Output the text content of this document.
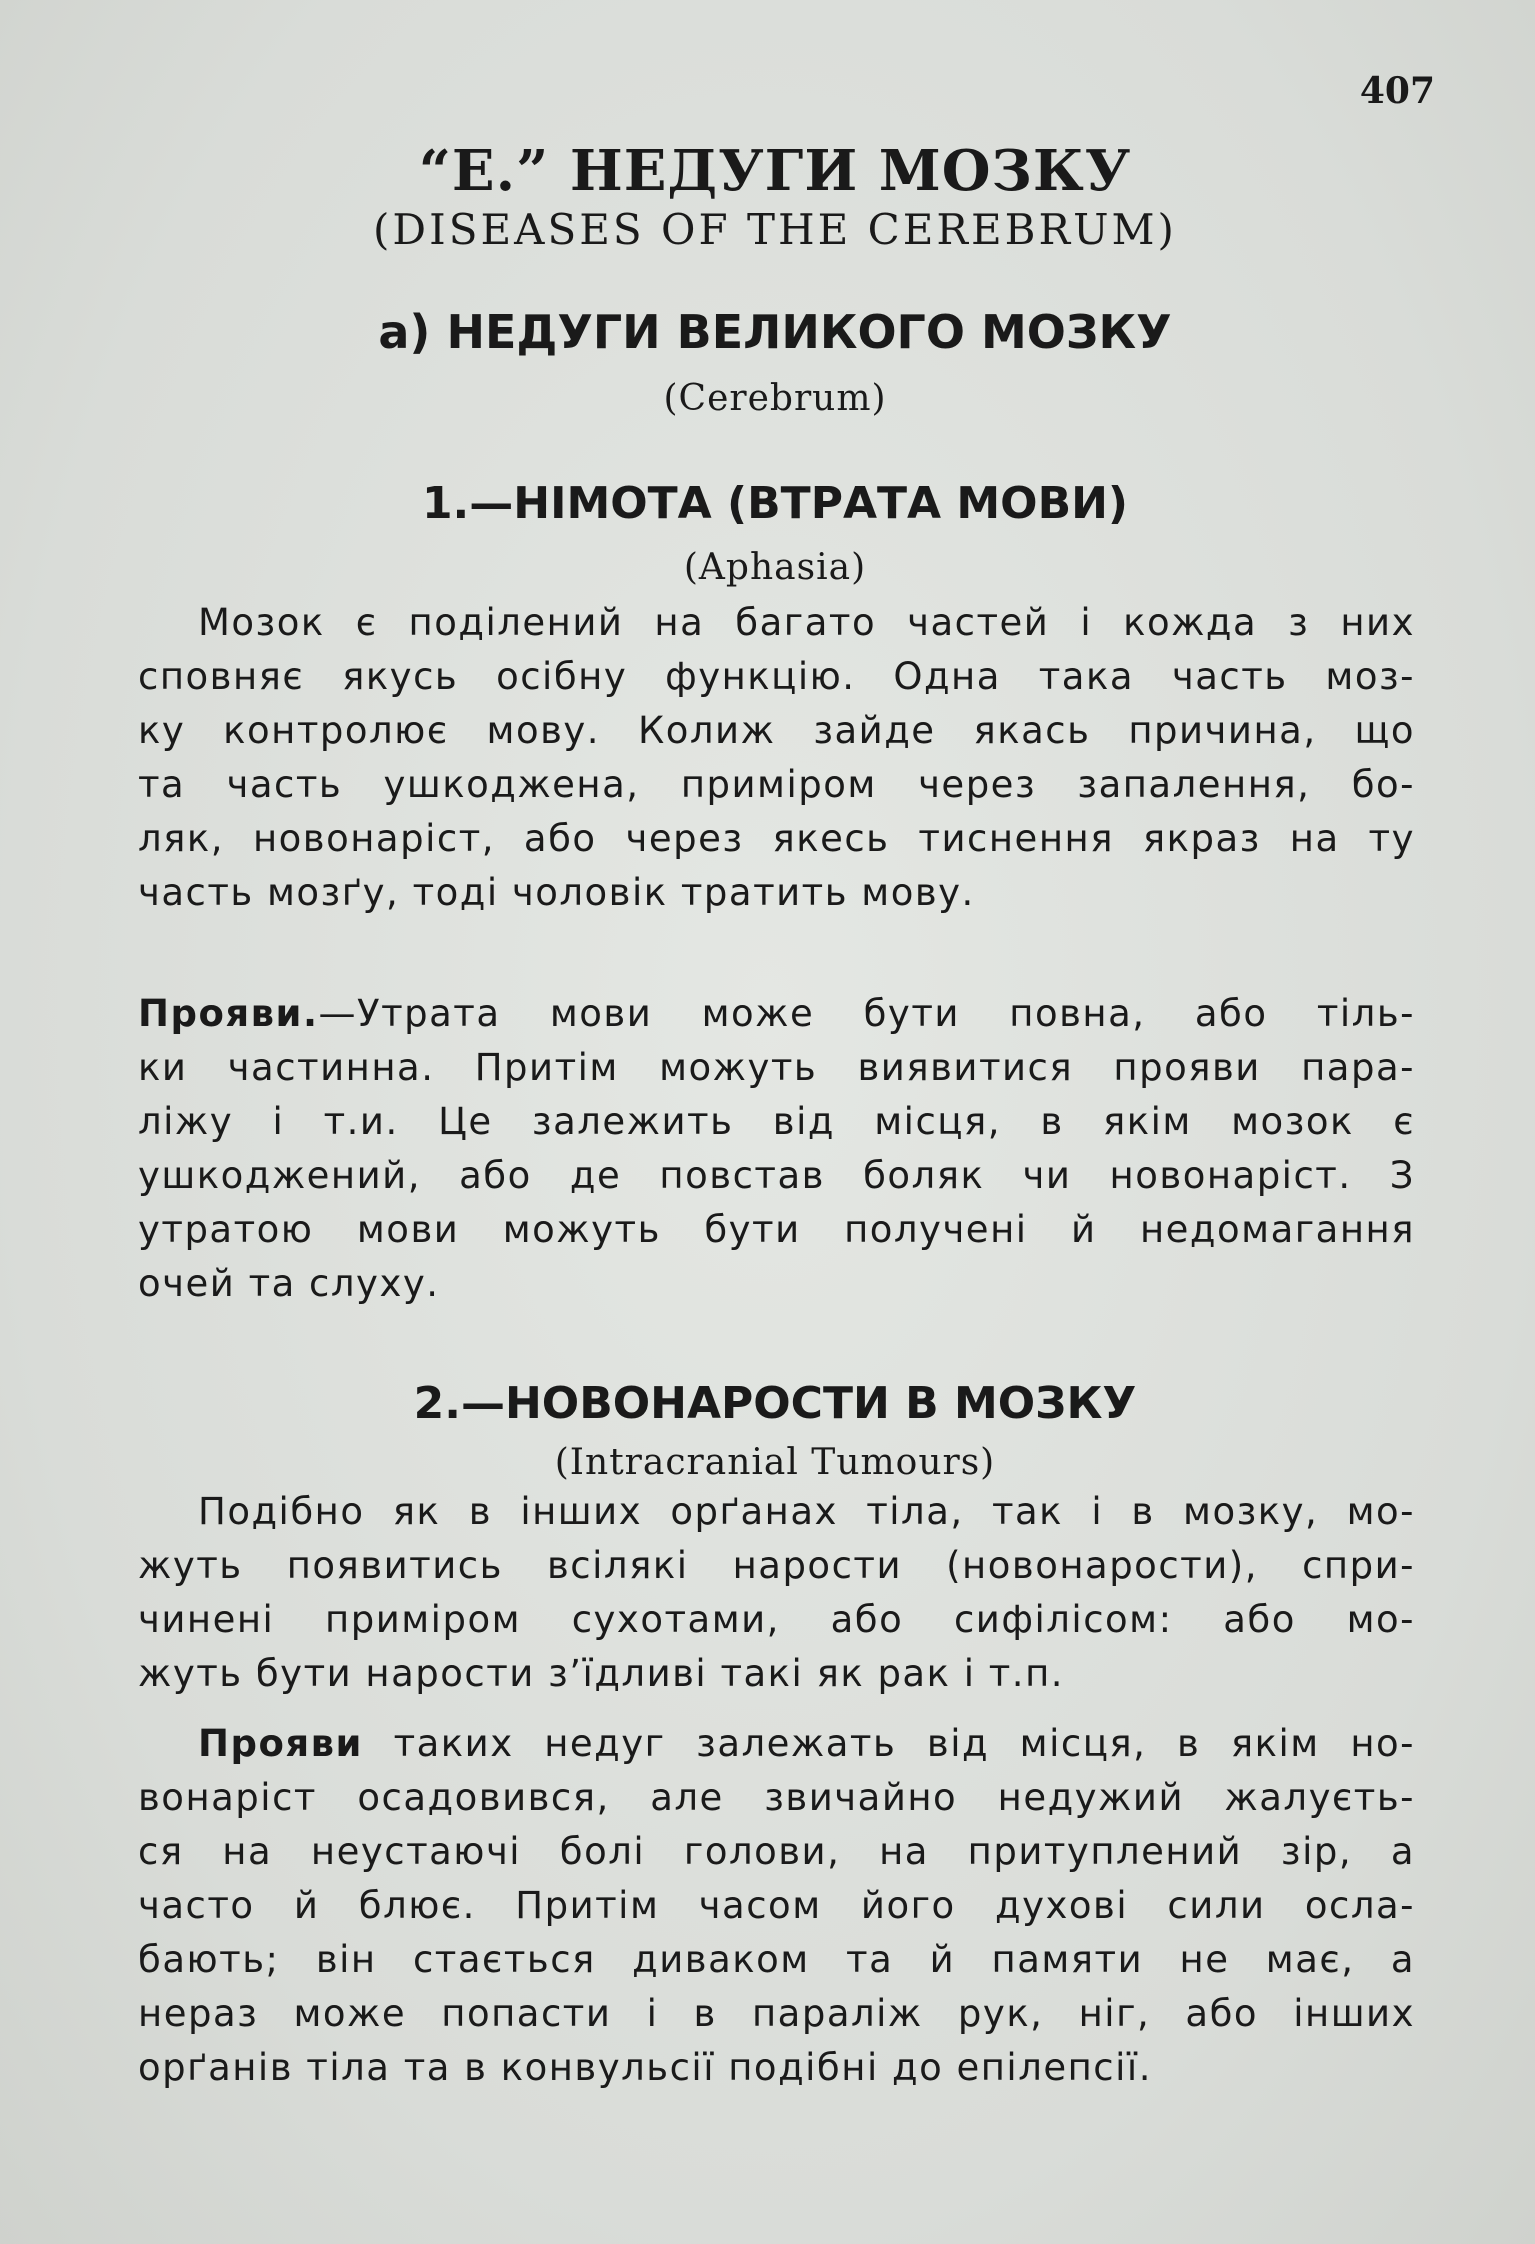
407
“Е.” НЕДУГИ МОЗКУ
(DISEASES OF THE CEREBRUM)
а) НЕДУГИ ВЕЛИКОГО МОЗКУ
(Cerebrum)
1.—НІМОТА (ВТРАТА МОВИ)
(Aphasia)
Мозок є поділений на багато частей і кожда з них
сповняє якусь осібну функцію. Одна така часть моз-
ку контролює мову. Колиж зайде якась причина, що
та часть ушкоджена, приміром через запалення, бо-
ляк, новонаріст, або через якесь тиснення якраз на ту
часть мозґу, тоді чоловік тратить мову.
Прояви.—Утрата мови може бути повна, або тіль-
ки частинна. Притім можуть виявитися прояви пара-
ліжу і т.и. Це залежить від місця, в якім мозок є
ушкоджений, або де повстав боляк чи новонаріст. З
утратою мови можуть бути получені й недомагання
очей та слуху.
2.—НОВОНАРОСТИ В МОЗКУ
(Intracranial Tumours)
Подібно як в інших орґанах тіла, так і в мозку, мо-
жуть появитись всілякі нарости (новонарости), спри-
чинені приміром сухотами, або сифілісом: або мо-
жуть бути нарости з’їдливі такі як рак і т.п.
Прояви таких недуг залежать від місця, в якім но-
вонаріст осадовився, але звичайно недужий жалуєть-
ся на неустаючі болі голови, на притуплений зір, а
часто й блює. Притім часом його духові сили осла-
бають; він стається диваком та й памяти не має, а
нераз може попасти і в параліж рук, ніг, або інших
орґанів тіла та в конвульсії подібні до епілепсії.
